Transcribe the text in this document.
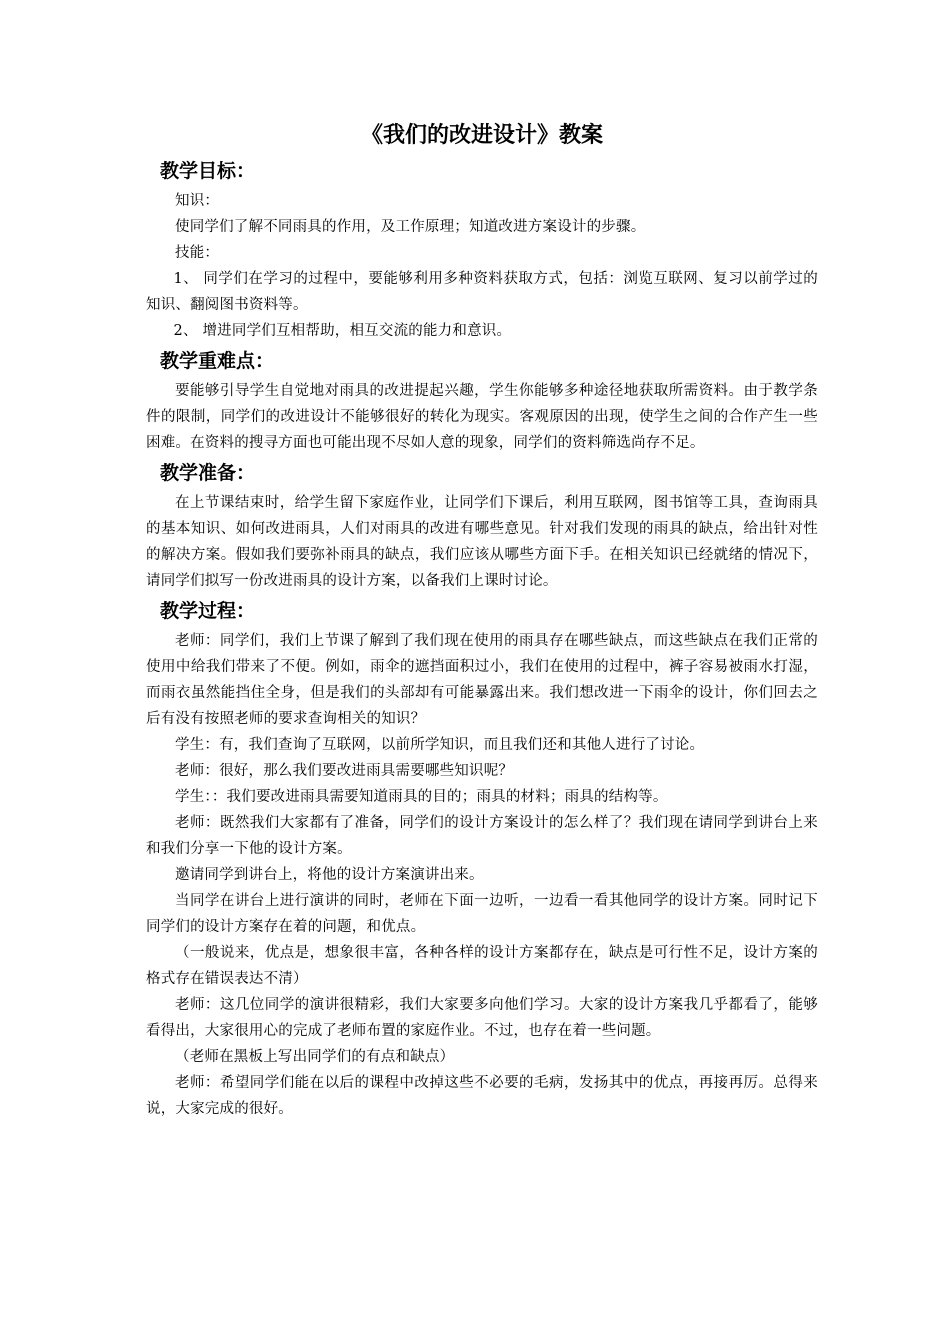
《我们的改进设计》教案
教学目标：

知识：

使同学们了解不同雨具的作用，及工作原理；知道改进方案设计的步骤。

技能：

1、 同学们在学习的过程中，要能够利用多种资料获取方式，包括：浏览互联网、复习以前学过的知识、翻阅图书资料等。

2、 增进同学们互相帮助，相互交流的能力和意识。

教学重难点：

要能够引导学生自觉地对雨具的改进提起兴趣，学生你能够多种途径地获取所需资料。由于教学条件的限制，同学们的改进设计不能够很好的转化为现实。客观原因的出现，使学生之间的合作产生一些困难。在资料的搜寻方面也可能出现不尽如人意的现象，同学们的资料筛选尚存不足。

教学准备：

在上节课结束时，给学生留下家庭作业，让同学们下课后，利用互联网，图书馆等工具，查询雨具的基本知识、如何改进雨具，人们对雨具的改进有哪些意见。针对我们发现的雨具的缺点，给出针对性的解决方案。假如我们要弥补雨具的缺点，我们应该从哪些方面下手。在相关知识已经就绪的情况下，请同学们拟写一份改进雨具的设计方案，以备我们上课时讨论。

教学过程：

老师：同学们，我们上节课了解到了我们现在使用的雨具存在哪些缺点，而这些缺点在我们正常的使用中给我们带来了不便。例如，雨伞的遮挡面积过小，我们在使用的过程中，裤子容易被雨水打湿，而雨衣虽然能挡住全身，但是我们的头部却有可能暴露出来。我们想改进一下雨伞的设计，你们回去之后有没有按照老师的要求查询相关的知识？

学生：有，我们查询了互联网，以前所学知识，而且我们还和其他人进行了讨论。

老师：很好，那么我们要改进雨具需要哪些知识呢？

学生：：我们要改进雨具需要知道雨具的目的；雨具的材料；雨具的结构等。

老师：既然我们大家都有了准备，同学们的设计方案设计的怎么样了？我们现在请同学到讲台上来和我们分享一下他的设计方案。

邀请同学到讲台上，将他的设计方案演讲出来。

当同学在讲台上进行演讲的同时，老师在下面一边听，一边看一看其他同学的设计方案。同时记下同学们的设计方案存在着的问题，和优点。

（一般说来，优点是，想象很丰富，各种各样的设计方案都存在，缺点是可行性不足，设计方案的格式存在错误表达不清）

老师：这几位同学的演讲很精彩，我们大家要多向他们学习。大家的设计方案我几乎都看了，能够看得出，大家很用心的完成了老师布置的家庭作业。不过，也存在着一些问题。

（老师在黑板上写出同学们的有点和缺点）

老师：希望同学们能在以后的课程中改掉这些不必要的毛病，发扬其中的优点，再接再厉。总得来说，大家完成的很好。
